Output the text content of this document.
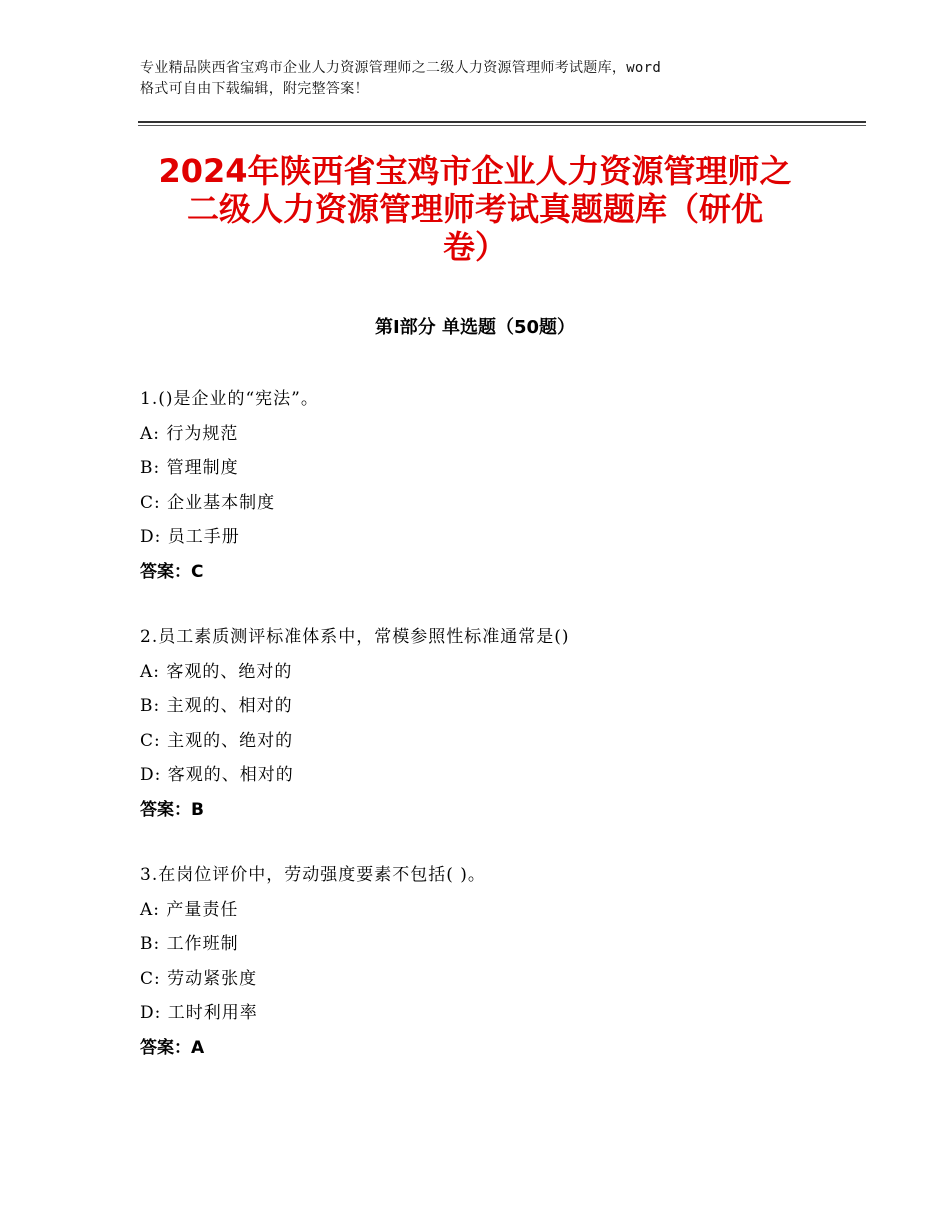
专业精品陕西省宝鸡市企业人力资源管理师之二级人力资源管理师考试题库，word
格式可自由下载编辑，附完整答案！
2024年陕西省宝鸡市企业人力资源管理师之
二级人力资源管理师考试真题题库（研优
卷）
第Ⅰ部分 单选题（50题）
1.()是企业的“宪法”。
A: 行为规范
B: 管理制度
C: 企业基本制度
D: 员工手册
答案：C
2.员工素质测评标准体系中，常模参照性标准通常是()
A: 客观的、绝对的
B: 主观的、相对的
C: 主观的、绝对的
D: 客观的、相对的
答案：B
3.在岗位评价中，劳动强度要素不包括( )。
A: 产量责任
B: 工作班制
C: 劳动紧张度
D: 工时利用率
答案：A
